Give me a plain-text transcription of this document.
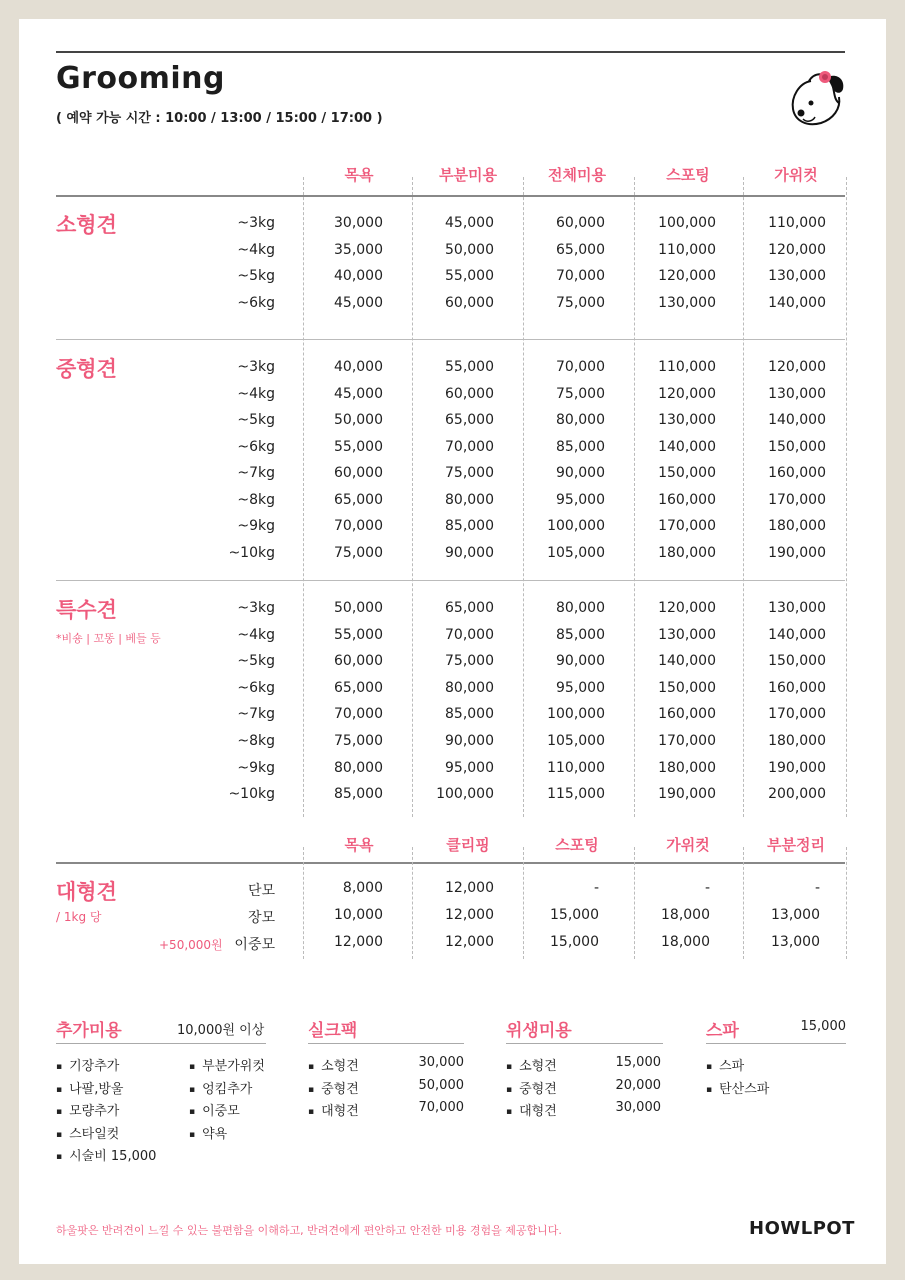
Grooming
( 예약 가능 시간 : 10:00 / 13:00 / 15:00 / 17:00 )
하울팟은 반려견이 느낄 수 있는 불편함을 이해하고, 반려견에게 편안하고 안전한 미용 경험을 제공합니다.	HOWLPOT
목욕	부분미용	전체미용	스포팅	가위컷
소형견	~3kg	30,000	45,000	60,000	100,000	110,000
~4kg	35,000	50,000	65,000	110,000	120,000
~5kg	40,000	55,000	70,000	120,000	130,000
~6kg	45,000	60,000	75,000	130,000	140,000
중형견	~3kg	40,000	55,000	70,000	110,000	120,000
~4kg	45,000	60,000	75,000	120,000	130,000
~5kg	50,000	65,000	80,000	130,000	140,000
~6kg	55,000	70,000	85,000	140,000	150,000
~7kg	60,000	75,000	90,000	150,000	160,000
~8kg	65,000	80,000	95,000	160,000	170,000
~9kg	70,000	85,000	100,000	170,000	180,000
~10kg	75,000	90,000	105,000	180,000	190,000
특수견
*비숑 | 꼬똥 | 베들 등
~3kg	50,000	65,000	80,000	120,000	130,000
~4kg	55,000	70,000	85,000	130,000	140,000
~5kg	60,000	75,000	90,000	140,000	150,000
~6kg	65,000	80,000	95,000	150,000	160,000
~7kg	70,000	85,000	100,000	160,000	170,000
~8kg	75,000	90,000	105,000	170,000	180,000
~9kg	80,000	95,000	110,000	180,000	190,000
~10kg	85,000	100,000	115,000	190,000	200,000
목욕	클리핑	스포팅	가위컷	부분정리
대형견
/ 1kg 당
+50,000원
단모	8,000	12,000	-	-	-
장모	10,000	12,000	15,000	18,000	13,000
이중모	12,000	12,000	15,000	18,000	13,000
추가미용	10,000원 이상
▪ 기장추가
▪ 나팔,방울
▪ 모량추가
▪ 스타일컷
▪ 시술비 15,000
▪ 부분가위컷
▪ 엉킴추가
▪ 이중모
▪ 약욕
실크팩
▪ 소형견	30,000
▪ 중형견	50,000
▪ 대형견	70,000
위생미용
▪ 소형견	15,000
▪ 중형견	20,000
▪ 대형견	30,000
스파	15,000
▪ 스파
▪ 탄산스파
